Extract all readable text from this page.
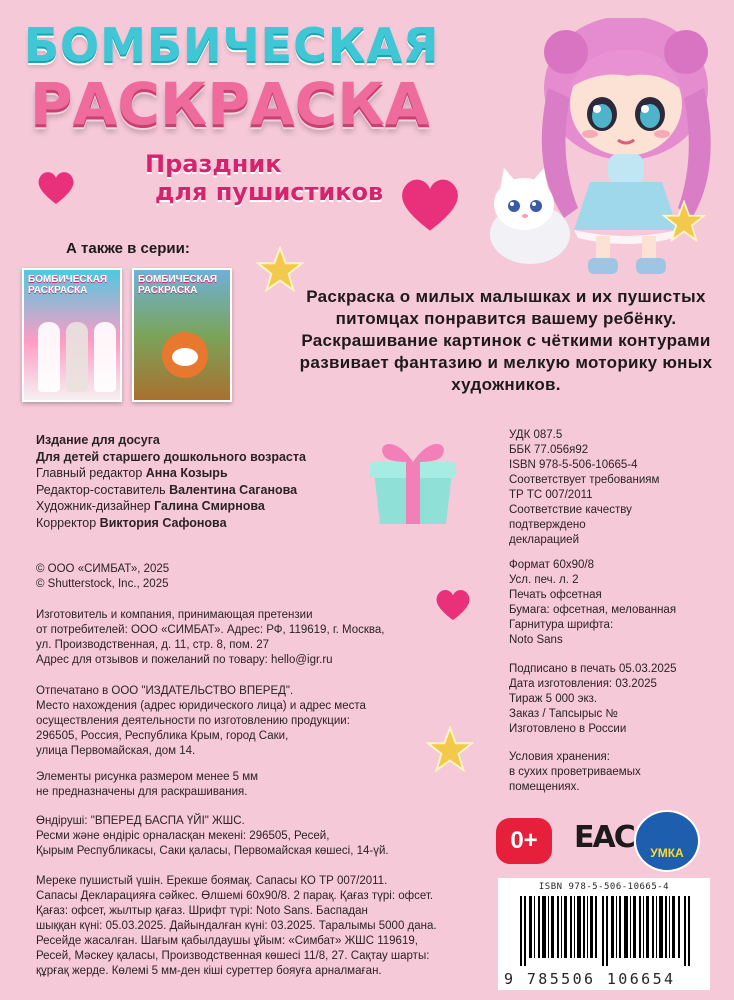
БОМБИЧЕСКАЯ
РАСКРАСКА
Праздник
для пушистиков
А также в серии:
БОМБИЧЕСКАЯ РАСКРАСКА
БОМБИЧЕСКАЯ РАСКРАСКА	Раскраска о милых малышках и их пушистых питомцах понравится вашему ребёнку. Раскрашивание картинок с чёткими контурами развивает фантазию и мелкую моторику юных художников.
Издание для досуга
Для детей старшего дошкольного возраста
Главный редактор Анна Козырь
Редактор-составитель Валентина Саганова
Художник-дизайнер Галина Смирнова
Корректор Виктория Сафонова
© ООО «СИМБАТ», 2025
© Shutterstock, Inc., 2025
Изготовитель и компания, принимающая претензии
от потребителей: ООО «СИМБАТ». Адрес: РФ, 119619, г. Москва,
ул. Производственная, д. 11, стр. 8, пом. 27
Адрес для отзывов и пожеланий по товару: hello@igr.ru
Отпечатано в ООО "ИЗДАТЕЛЬСТВО ВПЕРЕД".
Место нахождения (адрес юридического лица) и адрес места
осуществления деятельности по изготовлению продукции:
296505, Россия, Республика Крым, город Саки,
улица Первомайская, дом 14.
Элементы рисунка размером менее 5 мм
не предназначены для раскрашивания.
Өндіруші: "ВПЕРЕД БАСПА ҮЙІ" ЖШС.
Ресми және өндіріс орналасқан мекені: 296505, Ресей,
Қырым Республикасы, Саки қаласы, Первомайская көшесі, 14-үй.
Мереке пушистый үшін. Ерекше боямақ. Сапасы КО ТР 007/2011.
Сапасы Декларацияға сәйкес. Өлшемі 60х90/8. 2 парақ. Қағаз түрі: офсет.
Қағаз: офсет, жылтыр қағаз. Шрифт түрі: Noto Sans. Баспадан
шыққан күні: 05.03.2025. Дайындалған күні: 03.2025. Таралымы 5000 дана.
Ресейде жасалған. Шағым қабылдаушы ұйым: «Симбат» ЖШС 119619,
Ресей, Мәскеу қаласы, Производственная көшесі 11/8, 27. Сақтау шарты:
құрғақ жерде. Көлемі 5 мм-ден кіші суреттер бояуға арналмаған.
УДК 087.5
ББК 77.056я92
ISBN 978-5-506-10665-4
Соответствует требованиям
ТР ТС 007/2011
Соответствие качеству
подтверждено
декларацией
Формат 60х90/8
Усл. печ. л. 2
Печать офсетная
Бумага: офсетная, мелованная
Гарнитура шрифта:
Noto Sans
Подписано в печать 05.03.2025
Дата изготовления: 03.2025
Тираж 5 000 экз.
Заказ / Тапсырыс №
Изготовлено в России
Условия хранения:
в сухих проветриваемых
помещениях.
0+	EAC УМКА
ISBN 978-5-506-10665-4
9 785506 106654
